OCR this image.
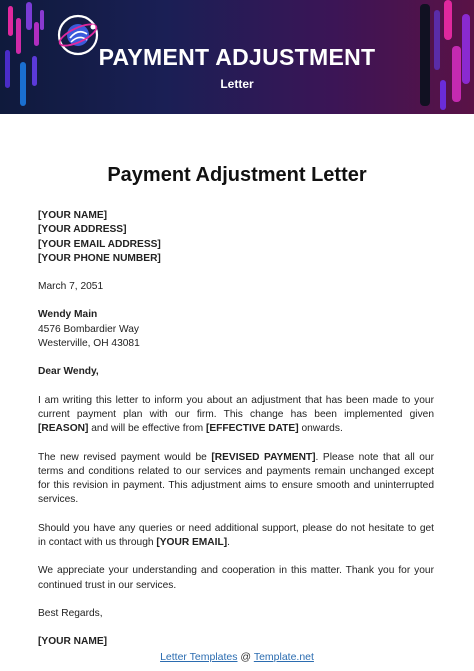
PAYMENT ADJUSTMENT
Letter
Payment Adjustment Letter

[YOUR NAME]

[YOUR ADDRESS]

[YOUR EMAIL ADDRESS]

[YOUR PHONE NUMBER]

March 7, 2051

Wendy Main

4576 Bombardier Way

Westerville, OH 43081

Dear Wendy,

I am writing this letter to inform you about an adjustment that has been made to your current payment plan with our firm. This change has been implemented given [REASON] and will be effective from [EFFECTIVE DATE] onwards.

The new revised payment would be [REVISED PAYMENT]. Please note that all our terms and conditions related to our services and payments remain unchanged except for this revision in payment. This adjustment aims to ensure smooth and uninterrupted services.

Should you have any queries or need additional support, please do not hesitate to get in contact with us through [YOUR EMAIL].

We appreciate your understanding and cooperation in this matter. Thank you for your continued trust in our services.

Best Regards,

[YOUR NAME]

Letter Templates @ Template.net
